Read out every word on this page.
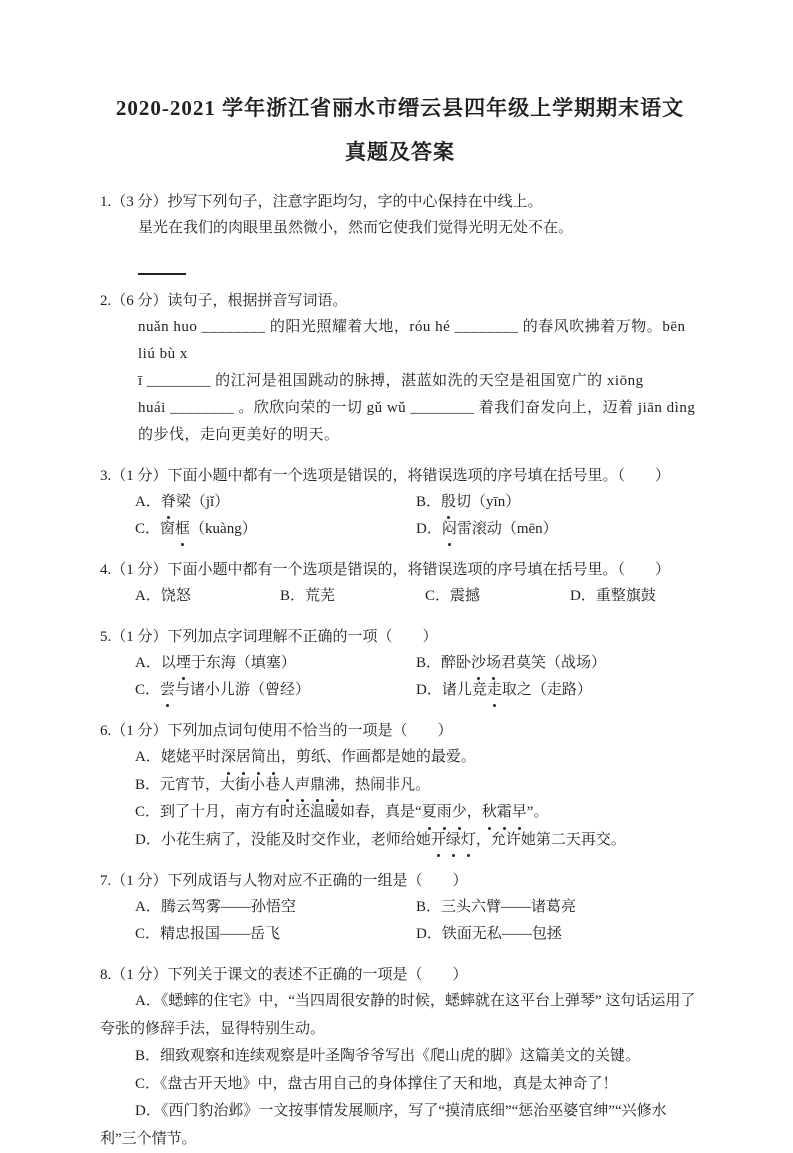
2020-2021 学年浙江省丽水市缙云县四年级上学期期末语文
真题及答案
1.（3 分）抄写下列句子，注意字距均匀，字的中心保持在中线上。
星光在我们的肉眼里虽然微小，然而它使我们觉得光明无处不在。
2.（6 分）读句子，根据拼音写词语。
nuǎn huo ________ 的阳光照耀着大地，róu hé ________ 的春风吹拂着万物。bēn liú bù x
ī ________ 的江河是祖国跳动的脉搏，湛蓝如洗的天空是祖国宽广的 xiōng
huái ________ 。欣欣向荣的一切 gǔ wǔ ________ 着我们奋发向上，迈着 jiān dìng
的步伐，走向更美好的明天。
3.（1 分）下面小题中都有一个选项是错误的，将错误选项的序号填在括号里。（　　）
A．脊梁（jǐ）	B．殷切（yīn）
C．窗框（kuàng）	D．闷雷滚动（mēn）
4.（1 分）下面小题中都有一个选项是错误的，将错误选项的序号填在括号里。（　　）
A．饶怒	B．荒芜	C．震撼	D．重整旗鼓
5.（1 分）下列加点字词理解不正确的一项（　　）
A．以堙于东海（填塞）	B．醉卧沙场君莫笑（战场）
C．尝与诸小儿游（曾经）	D．诸儿竞走取之（走路）
6.（1 分）下列加点词句使用不恰当的一项是（　　）
A．姥姥平时深居简出，剪纸、作画都是她的最爱。
B．元宵节，大街小巷人声鼎沸，热闹非凡。
C．到了十月，南方有时还温暖如春，真是“夏雨少，秋霜早”。
D．小花生病了，没能及时交作业，老师给她开绿灯，允许她第二天再交。
7.（1 分）下列成语与人物对应不正确的一组是（　　）
A．腾云驾雾——孙悟空	B．三头六臂——诸葛亮
C．精忠报国——岳飞	D．铁面无私——包拯
8.（1 分）下列关于课文的表述不正确的一项是（　　）
A．《蟋蟀的住宅》中，“当四周很安静的时候，蟋蟀就在这平台上弹琴” 这句话运用了夸张的修辞手法，显得特别生动。
B．细致观察和连续观察是叶圣陶爷爷写出《爬山虎的脚》这篇美文的关键。
C．《盘古开天地》中，盘古用自己的身体撑住了天和地，真是太神奇了！
D．《西门豹治邺》一文按事情发展顺序，写了“摸清底细”“惩治巫婆官绅”“兴修水利”三个情节。
